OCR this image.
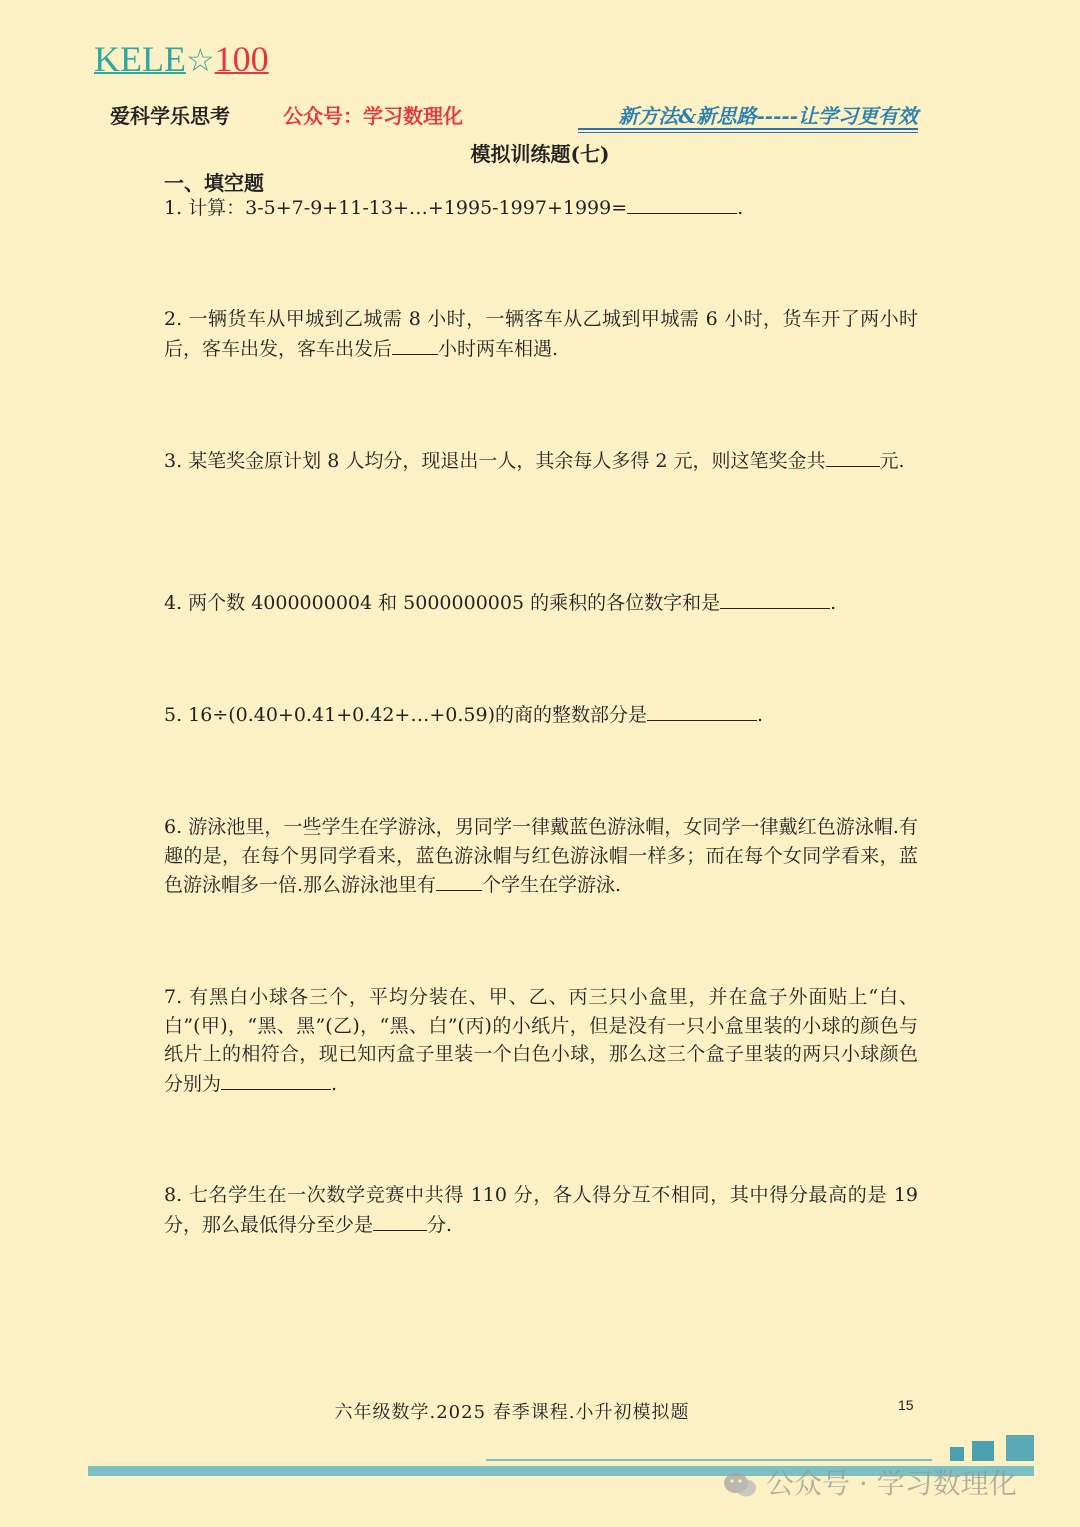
KELE☆100
爱科学乐思考	公众号：学习数理化	新方法&新思路-----让学习更有效
模拟训练题(七)
一、填空题
1. 计算：3-5+7-9+11-13+…+1995-1997+1999=	.
2. 一辆货车从甲城到乙城需 8 小时，一辆客车从乙城到甲城需 6 小时，货车开了两小时后，客车出发，客车出发后 小时两车相遇.
3. 某笔奖金原计划 8 人均分，现退出一人，其余每人多得 2 元，则这笔奖金共	元.
4. 两个数 4000000004 和 5000000005 的乘积的各位数字和是	.
5. 16÷(0.40+0.41+0.42+…+0.59)的商的整数部分是	.
6. 游泳池里，一些学生在学游泳，男同学一律戴蓝色游泳帽，女同学一律戴红色游泳帽.有趣的是，在每个男同学看来，蓝色游泳帽与红色游泳帽一样多；而在每个女同学看来，蓝色游泳帽多一倍.那么游泳池里有 个学生在学游泳.
7. 有黑白小球各三个，平均分装在、甲、乙、丙三只小盒里，并在盒子外面贴上“白、白”(甲)，“黑、黑”(乙)，“黑、白”(丙)的小纸片，但是没有一只小盒里装的小球的颜色与纸片上的相符合，现已知丙盒子里装一个白色小球，那么这三个盒子里装的两只小球颜色分别为	.
8. 七名学生在一次数学竞赛中共得 110 分，各人得分互不相同，其中得分最高的是 19 分，那么最低得分至少是	分.
六年级数学.2025 春季课程.小升初模拟题	15
公众号 · 学习数理化
